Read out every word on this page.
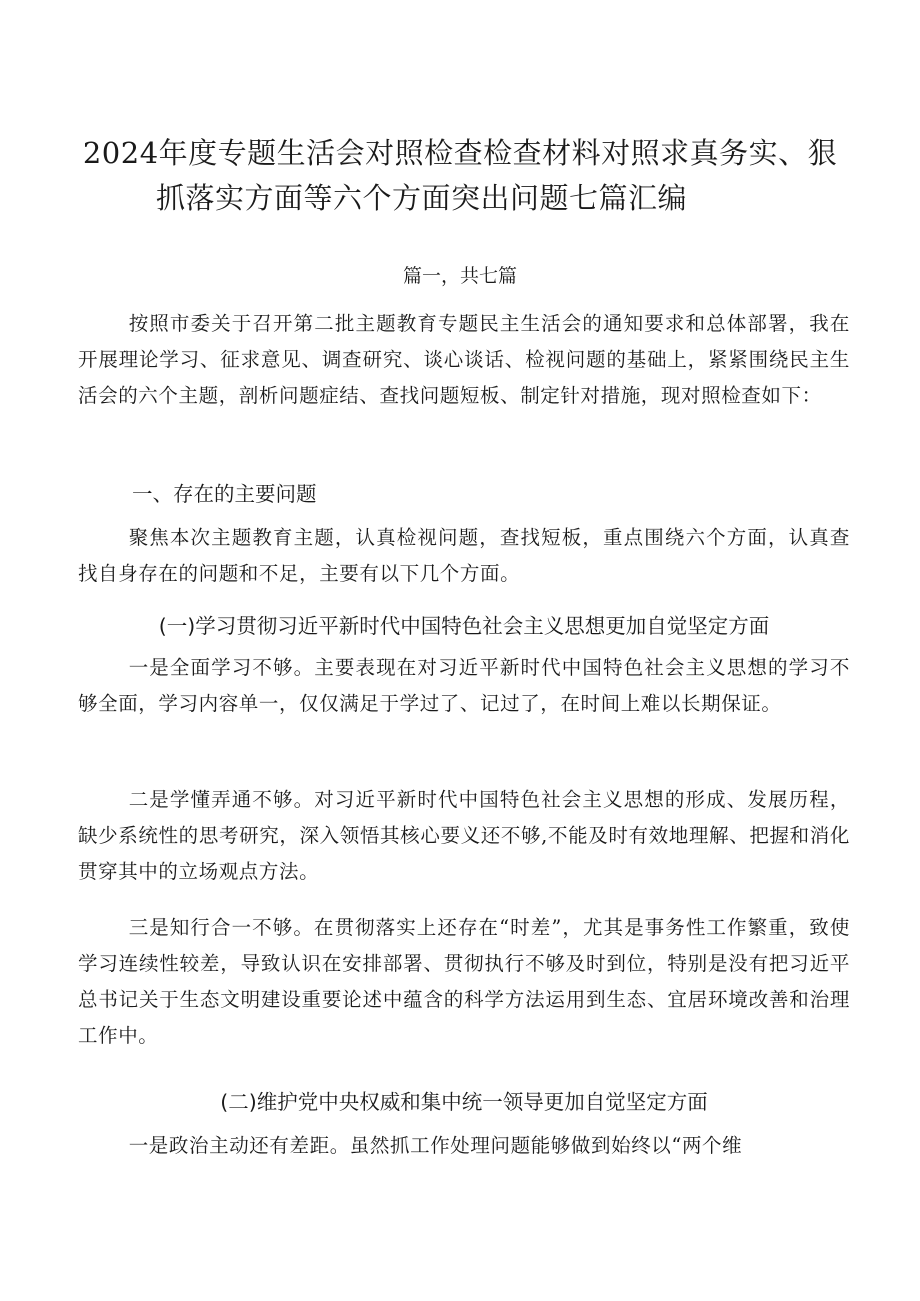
2024年度专题生活会对照检查检查材料对照求真务实、狠
抓落实方面等六个方面突出问题七篇汇编
篇一，共七篇

按照市委关于召开第二批主题教育专题民主生活会的通知要求和总体部署，我在开展理论学习、征求意见、调查研究、谈心谈话、检视问题的基础上，紧紧围绕民主生活会的六个主题，剖析问题症结、查找问题短板、制定针对措施，现对照检查如下：

一、存在的主要问题

聚焦本次主题教育主题，认真检视问题，查找短板，重点围绕六个方面，认真查找自身存在的问题和不足，主要有以下几个方面。

(一)学习贯彻习近平新时代中国特色社会主义思想更加自觉坚定方面

一是全面学习不够。主要表现在对习近平新时代中国特色社会主义思想的学习不够全面，学习内容单一，仅仅满足于学过了、记过了，在时间上难以长期保证。

二是学懂弄通不够。对习近平新时代中国特色社会主义思想的形成、发展历程，缺少系统性的思考研究，深入领悟其核心要义还不够,不能及时有效地理解、把握和消化贯穿其中的立场观点方法。

三是知行合一不够。在贯彻落实上还存在“时差”，尤其是事务性工作繁重，致使学习连续性较差，导致认识在安排部署、贯彻执行不够及时到位，特别是没有把习近平总书记关于生态文明建设重要论述中蕴含的科学方法运用到生态、宜居环境改善和治理工作中。

(二)维护党中央权威和集中统一领导更加自觉坚定方面

一是政治主动还有差距。虽然抓工作处理问题能够做到始终以“两个维
